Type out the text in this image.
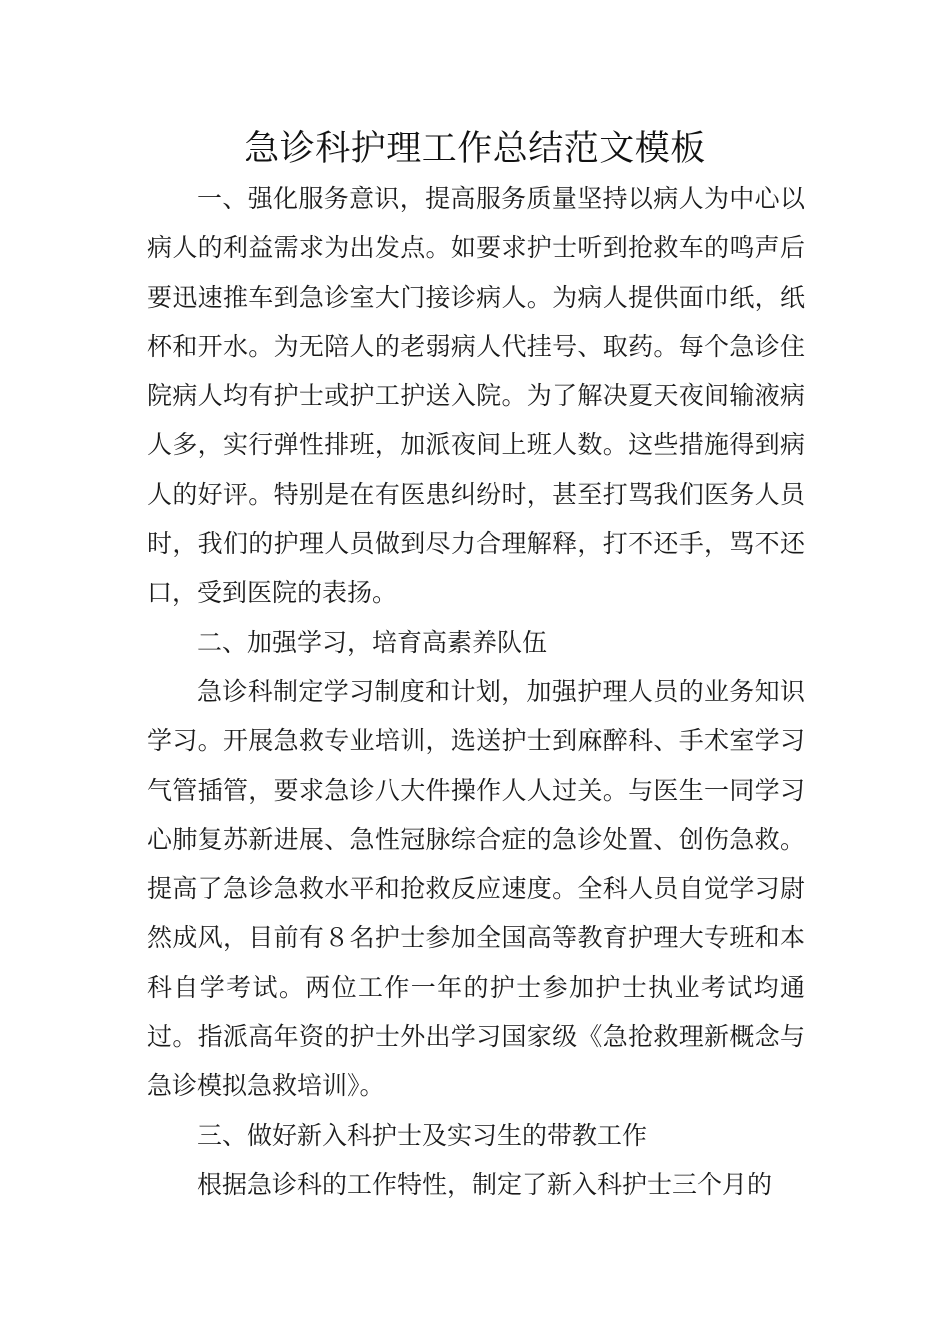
急诊科护理工作总结范文模板

一、强化服务意识，提高服务质量坚持以病人为中心以病人的利益需求为出发点。如要求护士听到抢救车的鸣声后要迅速推车到急诊室大门接诊病人。为病人提供面巾纸，纸杯和开水。为无陪人的老弱病人代挂号、取药。每个急诊住院病人均有护士或护工护送入院。为了解决夏天夜间输液病人多，实行弹性排班，加派夜间上班人数。这些措施得到病人的好评。特别是在有医患纠纷时，甚至打骂我们医务人员时，我们的护理人员做到尽力合理解释，打不还手，骂不还口，受到医院的表扬。

二、加强学习，培育高素养队伍

急诊科制定学习制度和计划，加强护理人员的业务知识学习。开展急救专业培训，选送护士到麻醉科、手术室学习气管插管，要求急诊八大件操作人人过关。与医生一同学习心肺复苏新进展、急性冠脉综合症的急诊处置、创伤急救。提高了急诊急救水平和抢救反应速度。全科人员自觉学习尉然成风，目前有８名护士参加全国高等教育护理大专班和本科自学考试。两位工作一年的护士参加护士执业考试均通过。指派高年资的护士外出学习国家级《急抢救理新概念与急诊模拟急救培训》。

三、做好新入科护士及实习生的带教工作

根据急诊科的工作特性，制定了新入科护士三个月的
